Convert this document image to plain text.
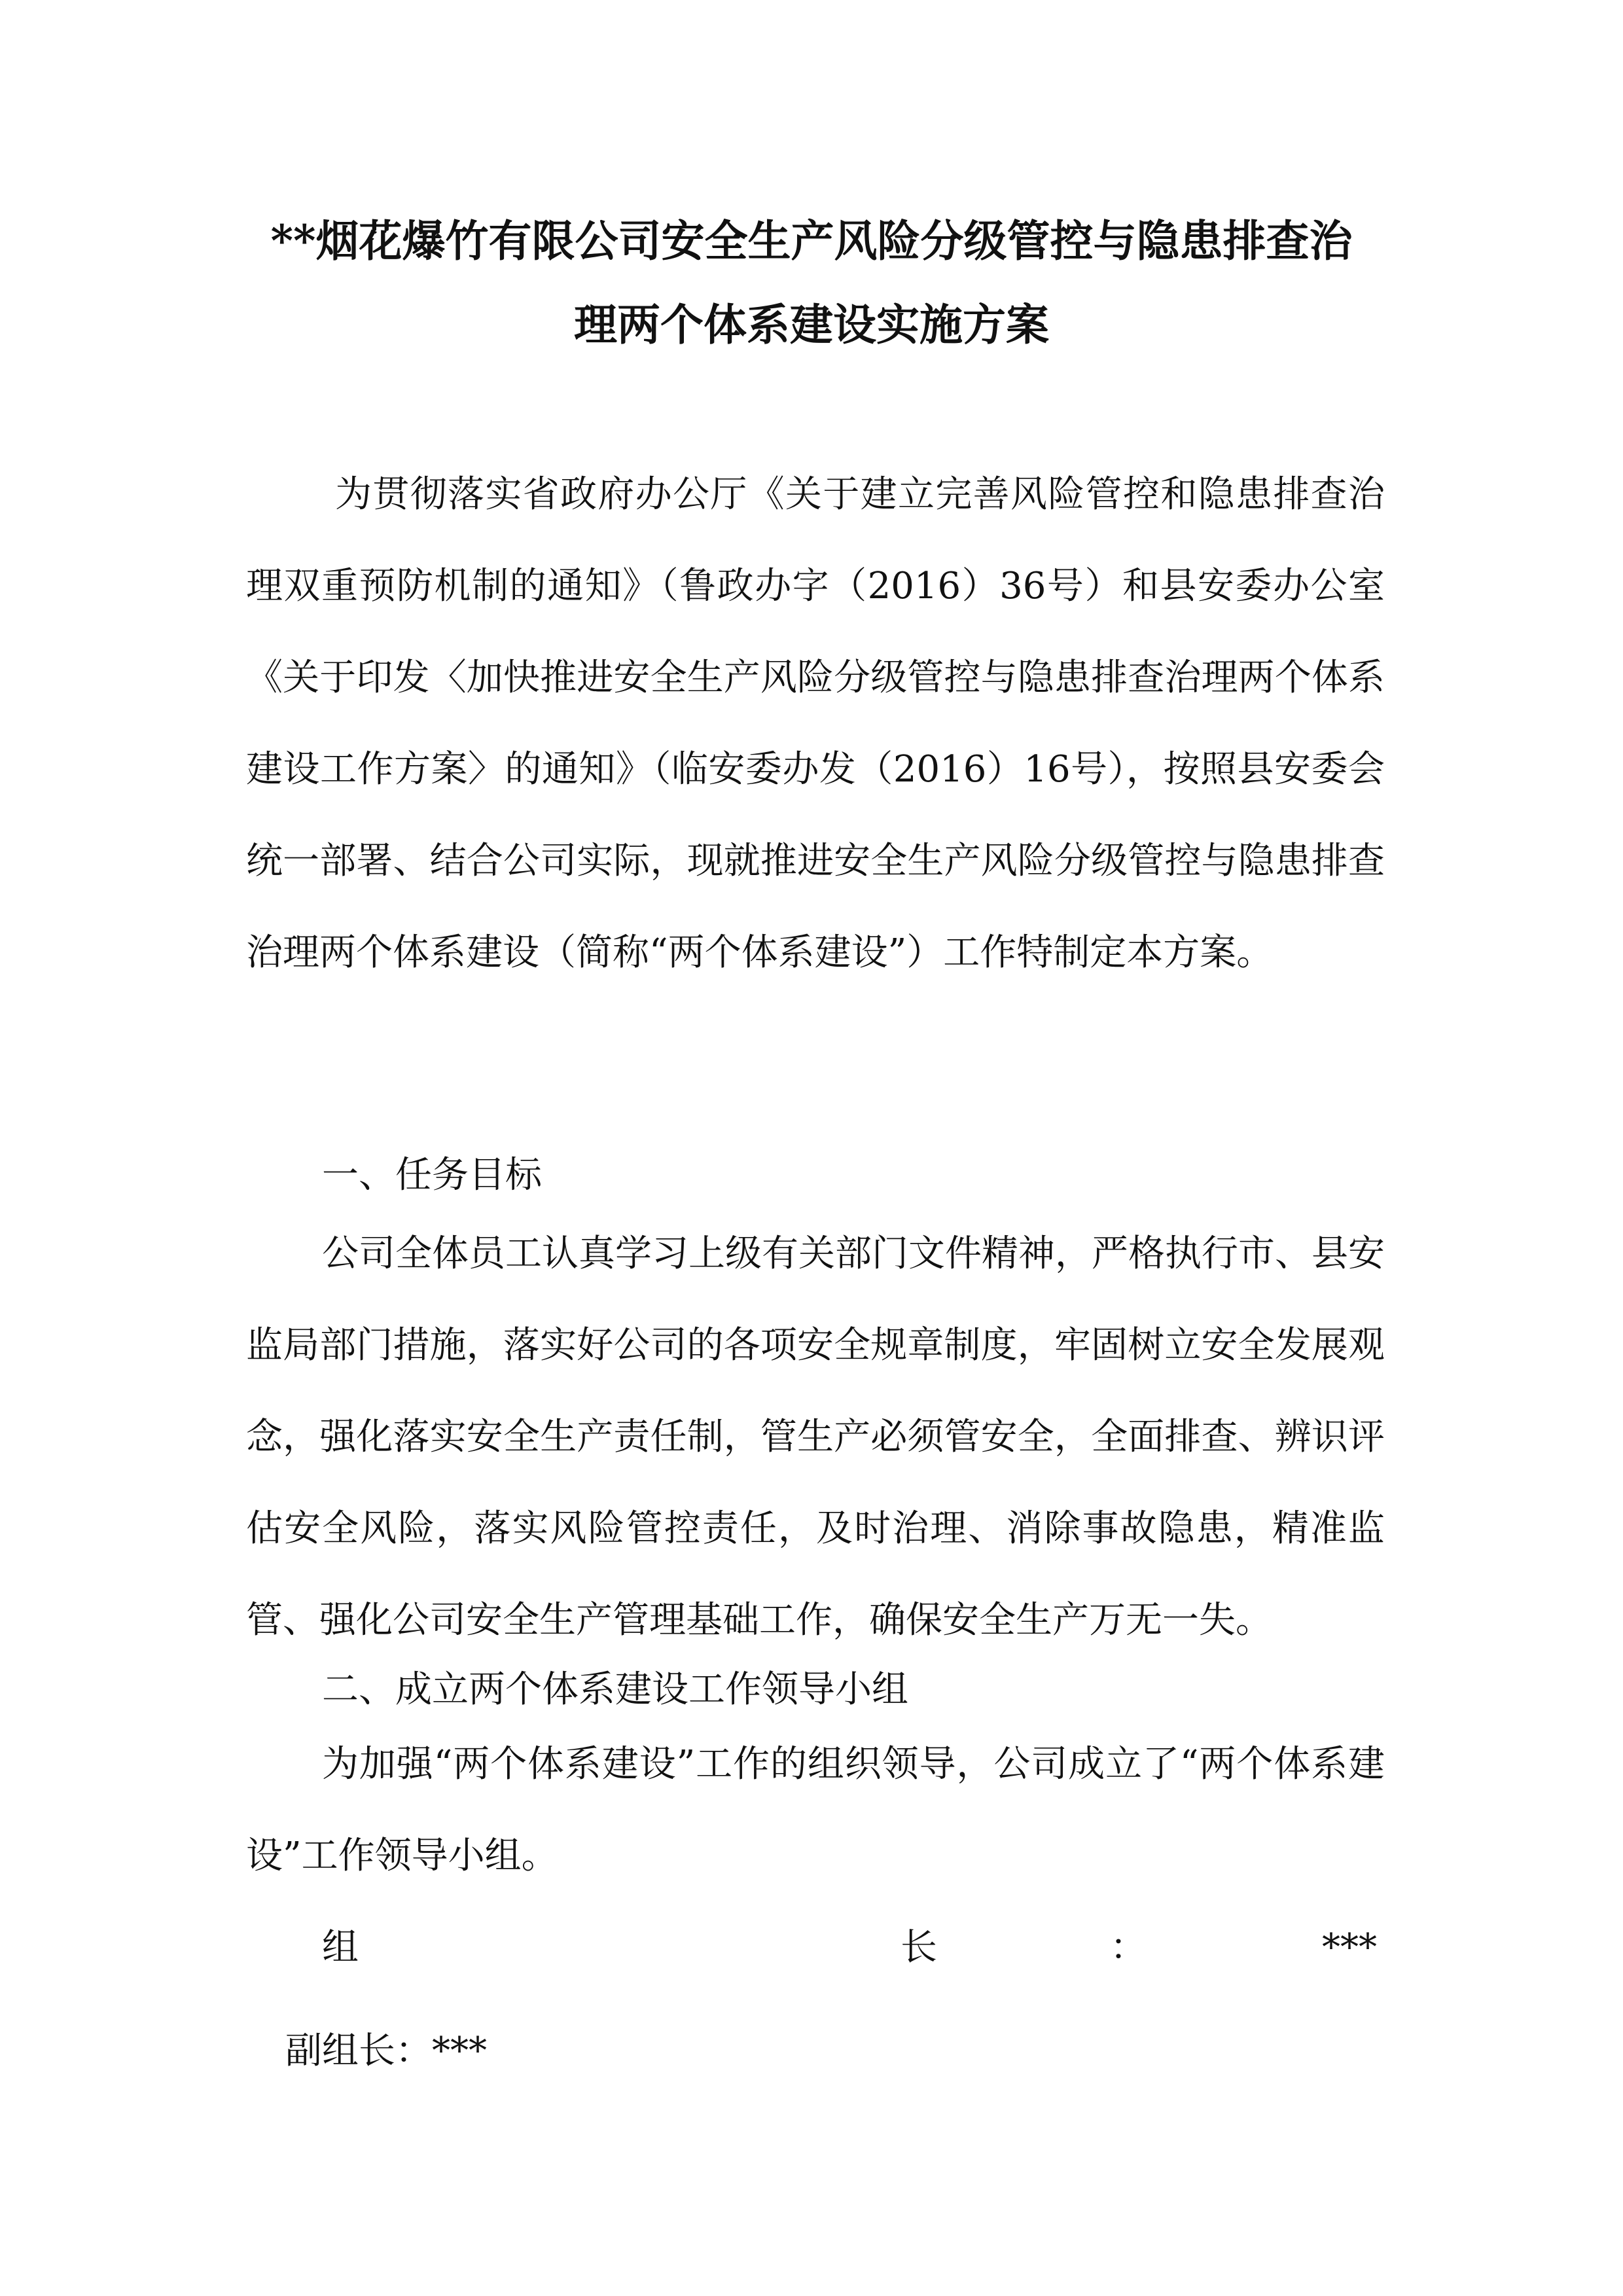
**烟花爆竹有限公司安全生产风险分级管控与隐患排查治
理两个体系建设实施方案
为贯彻落实省政府办公厅《关于建立完善风险管控和隐患排查治理双重预防机制的通知》（鲁政办字（2016）36号）和县安委办公室《关于印发〈加快推进安全生产风险分级管控与隐患排查治理两个体系建设工作方案〉的通知》（临安委办发（2016）16号），按照县安委会统一部署、结合公司实际，现就推进安全生产风险分级管控与隐患排查治理两个体系建设（简称“两个体系建设”）工作特制定本方案。
一、任务目标
公司全体员工认真学习上级有关部门文件精神，严格执行市、县安监局部门措施，落实好公司的各项安全规章制度，牢固树立安全发展观念，强化落实安全生产责任制，管生产必须管安全，全面排查、辨识评估安全风险，落实风险管控责任，及时治理、消除事故隐患，精准监管、强化公司安全生产管理基础工作，确保安全生产万无一失。
二、成立两个体系建设工作领导小组
为加强“两个体系建设”工作的组织领导，公司成立了“两个体系建设”工作领导小组。
组	长	：	***
副组长：***
